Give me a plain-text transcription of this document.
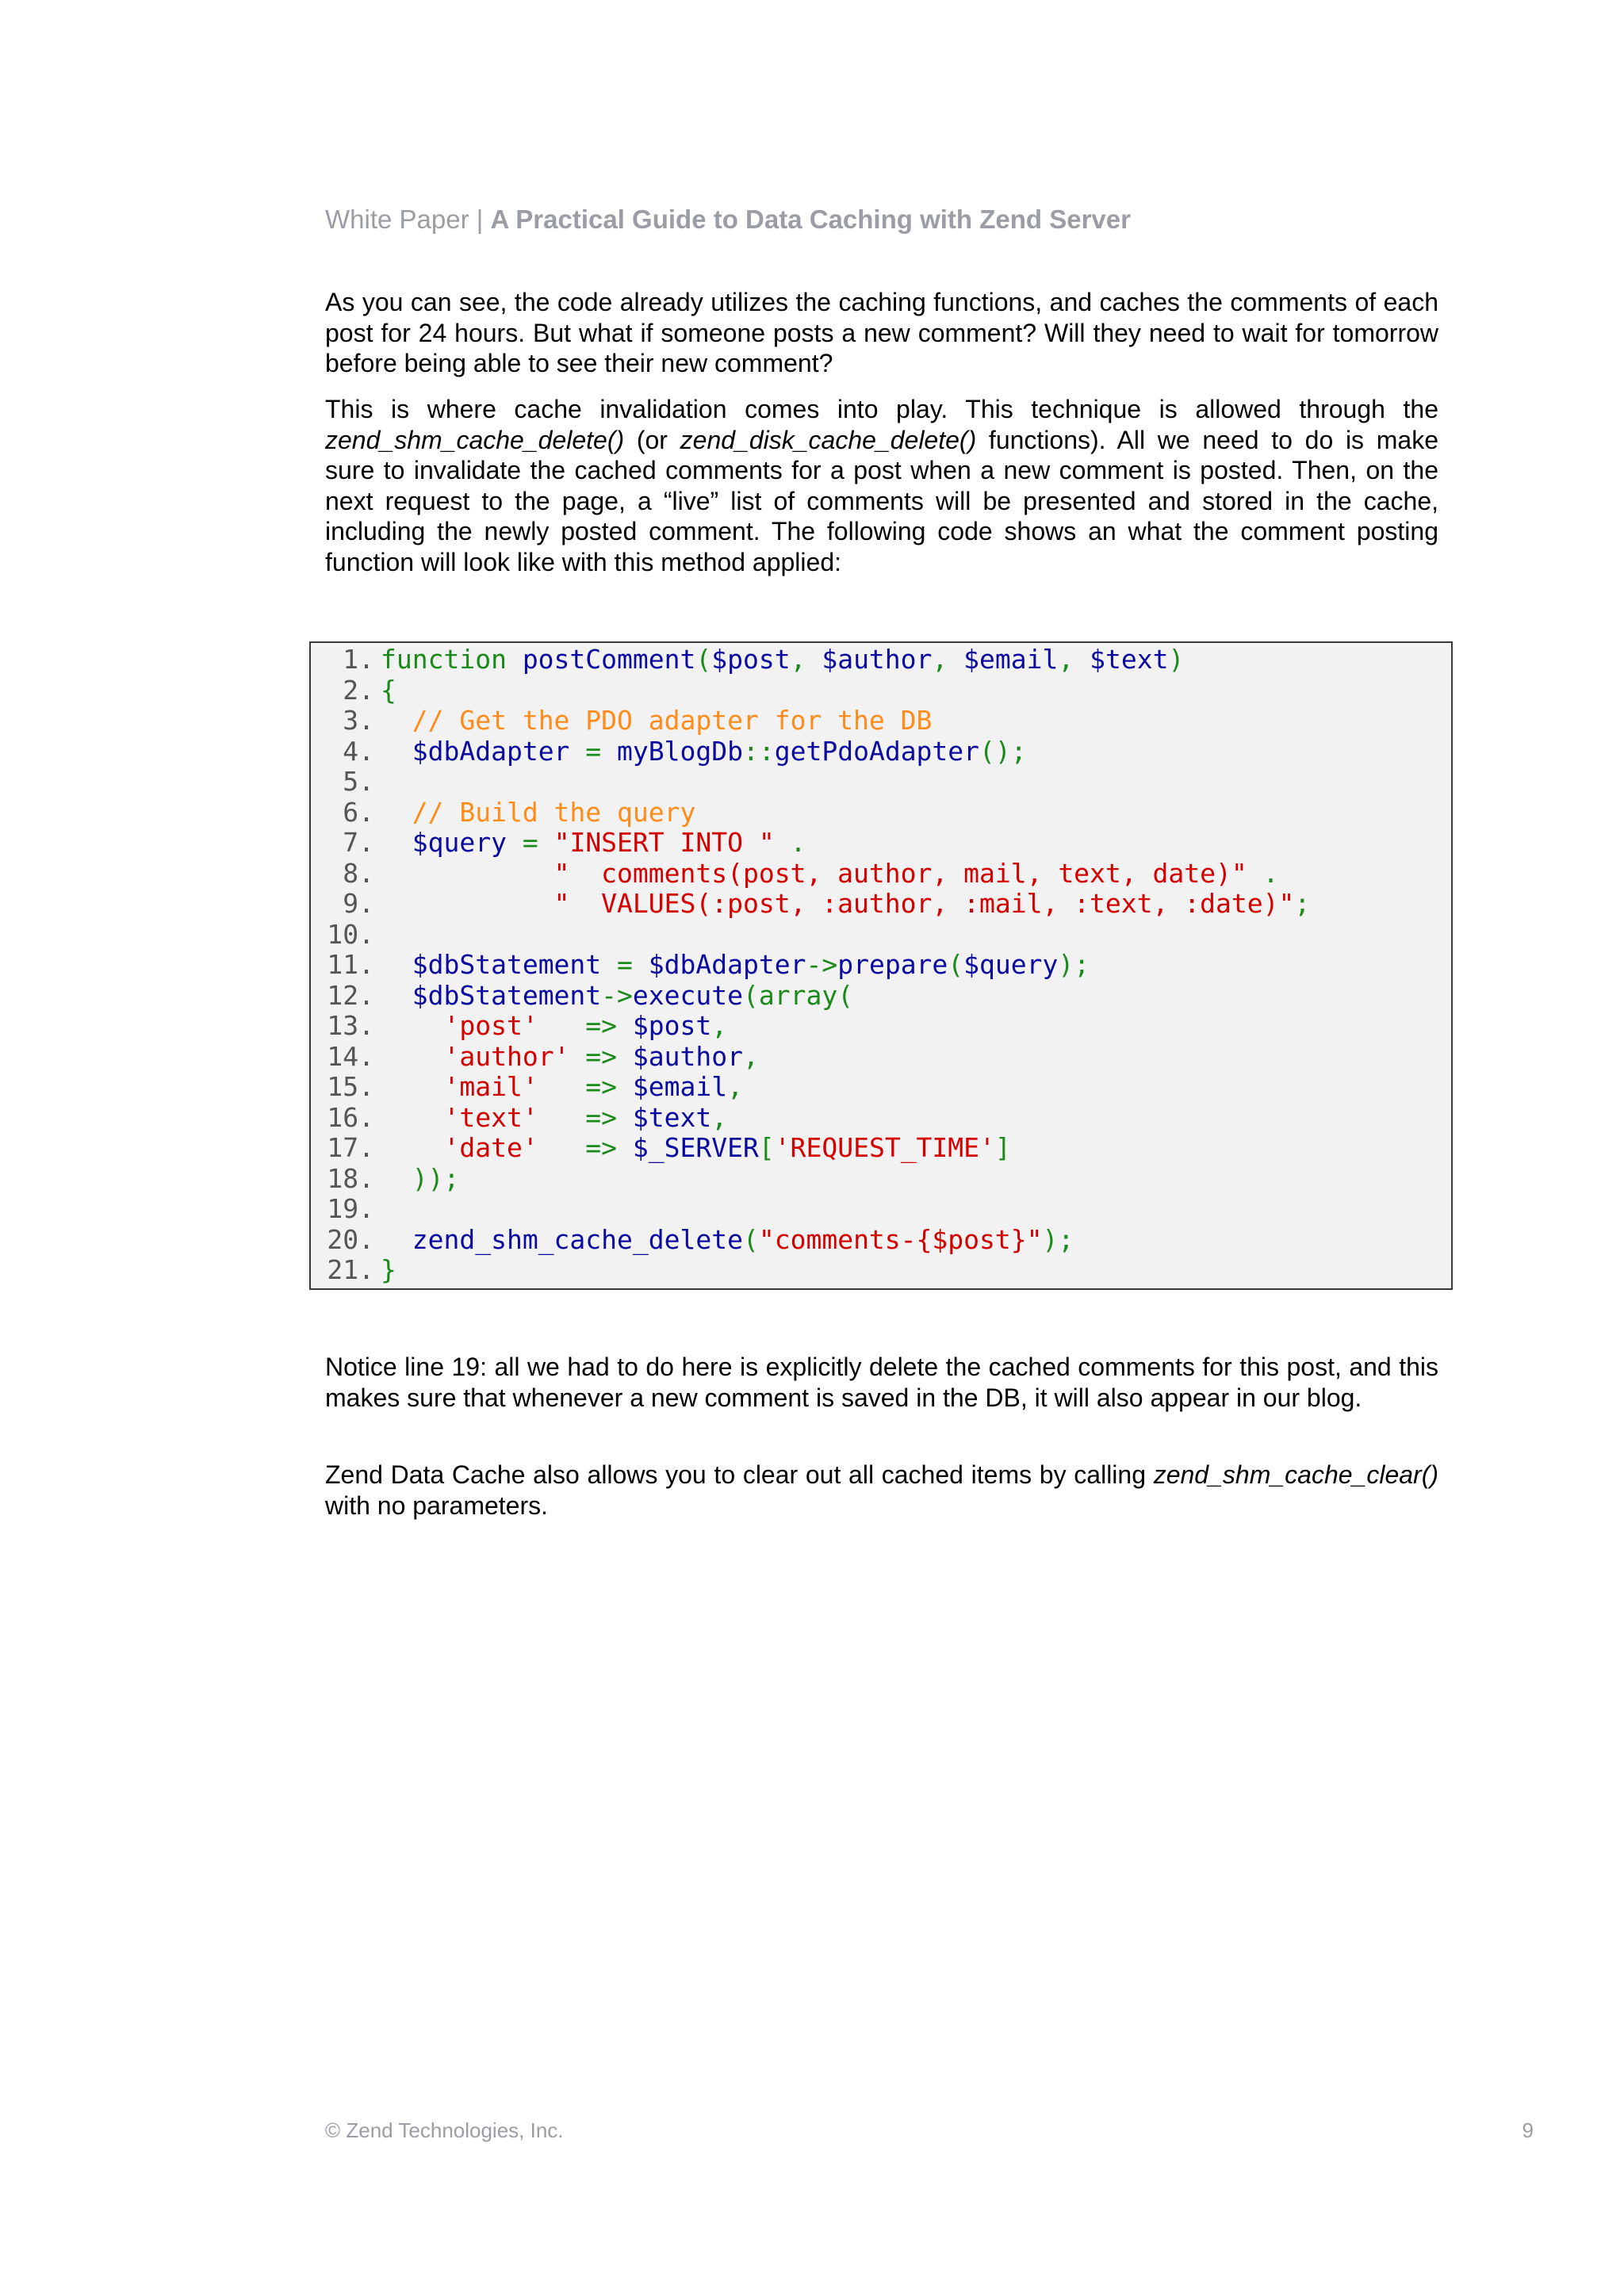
White Paper | A Practical Guide to Data Caching with Zend Server

As you can see, the code already utilizes the caching functions, and caches the comments of each post for 24 hours. But what if someone posts a new comment? Will they need to wait for tomorrow before being able to see their new comment?

This is where cache invalidation comes into play. This technique is allowed through the zend_shm_cache_delete() (or zend_disk_cache_delete() functions). All we need to do is make sure to invalidate the cached comments for a post when a new comment is posted. Then, on the next request to the page, a “live” list of comments will be presented and stored in the cache, including the newly posted comment. The following code shows an what the comment posting function will look like with this method applied:

1. function postComment($post, $author, $email, $text)
2. {
3.	// Get the PDO adapter for the DB
4.	$dbAdapter = myBlogDb::getPdoAdapter();
5.
6.	// Build the query
7.	$query = "INSERT INTO " .
8.	"  comments(post, author, mail, text, date)" .
9.	"  VALUES(:post, :author, :mail, :text, :date)";
10.
11.	$dbStatement = $dbAdapter->prepare($query);
12.	$dbStatement->execute(array(
13.	'post'   => $post,
14.	'author' => $author,
15.	'mail'   => $email,
16.	'text'   => $text,
17.	'date'   => $_SERVER['REQUEST_TIME']
18.	));
19.
20.	zend_shm_cache_delete("comments-{$post}");
21. }

Notice line 19: all we had to do here is explicitly delete the cached comments for this post, and this makes sure that whenever a new comment is saved in the DB, it will also appear in our blog.

Zend Data Cache also allows you to clear out all cached items by calling zend_shm_cache_clear() with no parameters.

© Zend Technologies, Inc.	9
